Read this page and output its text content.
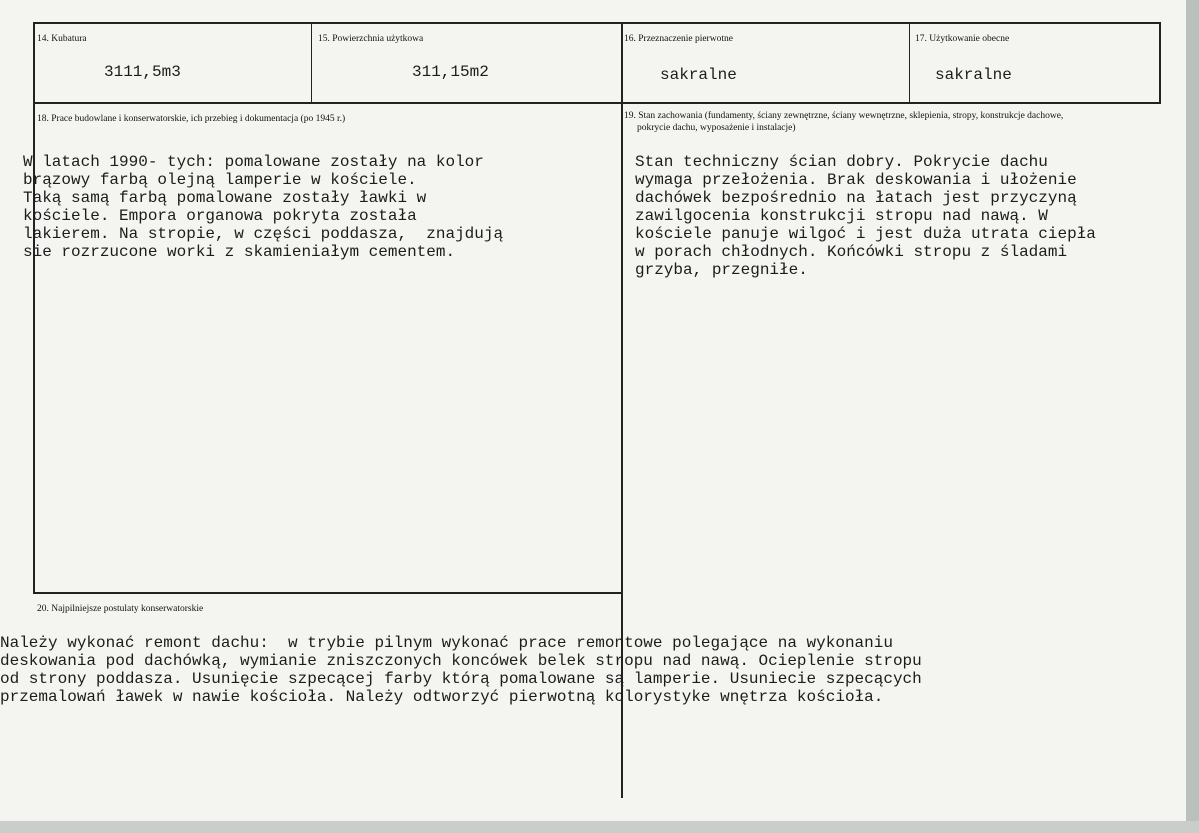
14. Kubatura
3111,5m3
15. Powierzchnia użytkowa
311,15m2
16. Przeznaczenie pierwotne
sakralne
17. Użytkowanie obecne
sakralne
18. Prace budowlane i konserwatorskie, ich przebieg i dokumentacja (po 1945 r.)
W latach 1990- tych: pomalowane zostały na kolor
brązowy farbą olejną lamperie w kościele.
Taką samą farbą pomalowane zostały ławki w
kościele. Empora organowa pokryta została
lakierem. Na stropie, w części poddasza,  znajdują
sie rozrzucone worki z skamieniałym cementem.
19. Stan zachowania (fundamenty, ściany zewnętrzne, ściany wewnętrzne, sklepienia, stropy, konstrukcje dachowe,
pokrycie dachu, wyposażenie i instalacje)
Stan techniczny ścian dobry. Pokrycie dachu
wymaga przełożenia. Brak deskowania i ułożenie
dachówek bezpośrednio na łatach jest przyczyną
zawilgocenia konstrukcji stropu nad nawą. W
kościele panuje wilgoć i jest duża utrata ciepła
w porach chłodnych. Końcówki stropu z śladami
grzyba, przegniłe.
20. Najpilniejsze postulaty konserwatorskie
Należy wykonać remont dachu:  w trybie pilnym wykonać prace remontowe polegające na wykonaniu
deskowania pod dachówką, wymianie zniszczonych koncówek belek stropu nad nawą. Ocieplenie stropu
od strony poddasza. Usunięcie szpecącej farby którą pomalowane są lamperie. Usuniecie szpecących
przemalowań ławek w nawie kościoła. Należy odtworzyć pierwotną kolorystyke wnętrza kościoła.
